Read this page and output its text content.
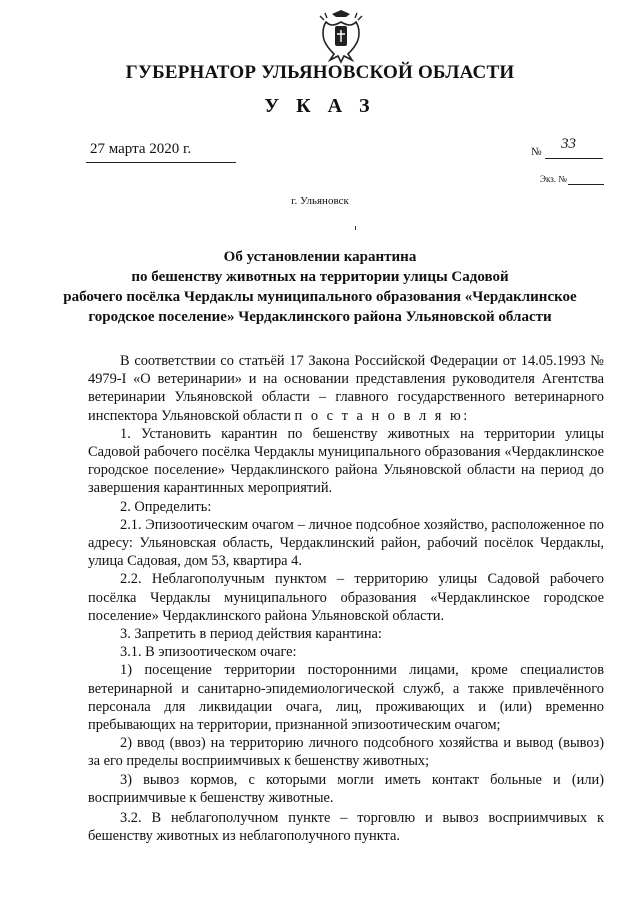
ГУБЕРНАТОР УЛЬЯНОВСКОЙ ОБЛАСТИ
У К А З
27 марта 2020 г.	№ 33
Экз. №
г. Ульяновск
Об установлении карантина
по бешенству животных на территории улицы Садовой
рабочего посёлка Чердаклы муниципального образования «Чердаклинское
городское поселение» Чердаклинского района Ульяновской области

В соответствии со статьёй 17 Закона Российской Федерации от 14.05.1993 № 4979-I «О ветеринарии» и на основании представления руководителя Агентства ветеринарии Ульяновской области – главного государственного ветеринарного инспектора Ульяновской области п о с т а н о в л я ю:

1. Установить карантин по бешенству животных на территории улицы Садовой рабочего посёлка Чердаклы муниципального образования «Чердаклинское городское поселение» Чердаклинского района Ульяновской области на период до завершения карантинных мероприятий.

2. Определить:

2.1. Эпизоотическим очагом – личное подсобное хозяйство, расположенное по адресу: Ульяновская область, Чердаклинский район, рабочий посёлок Чердаклы, улица Садовая, дом 53, квартира 4.

2.2. Неблагополучным пунктом – территорию улицы Садовой рабочего посёлка Чердаклы муниципального образования «Чердаклинское городское поселение» Чердаклинского района Ульяновской области.

3. Запретить в период действия карантина:

3.1. В эпизоотическом очаге:

1) посещение территории посторонними лицами, кроме специалистов ветеринарной и санитарно-эпидемиологической служб, а также привлечённого персонала для ликвидации очага, лиц, проживающих и (или) временно пребывающих на территории, признанной эпизоотическим очагом;

2) ввод (ввоз) на территорию личного подсобного хозяйства и вывод (вывоз) за его пределы восприимчивых к бешенству животных;

3) вывоз кормов, с которыми могли иметь контакт больные и (или) восприимчивые к бешенству животные.

3.2. В неблагополучном пункте – торговлю и вывоз восприимчивых к бешенству животных из неблагополучного пункта.
